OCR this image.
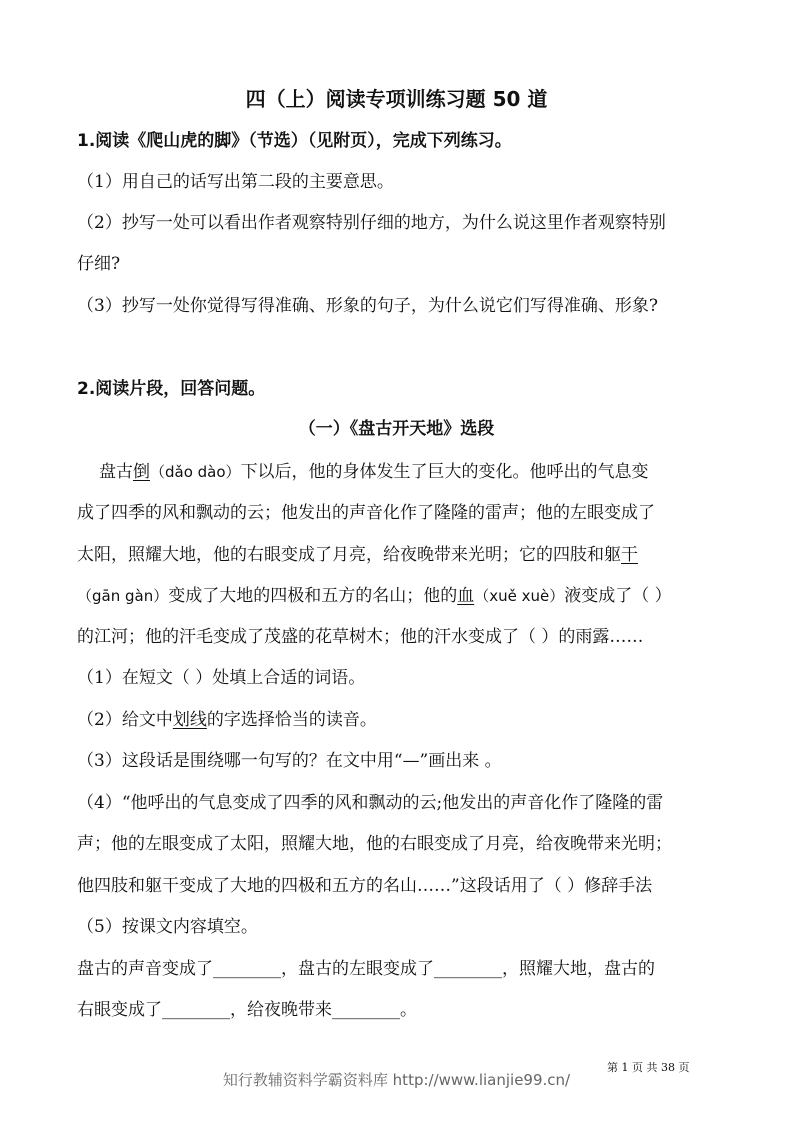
四（上）阅读专项训练习题 50 道
1.阅读《爬山虎的脚》（节选）（见附页），完成下列练习。
（1）用自己的话写出第二段的主要意思。
（2）抄写一处可以看出作者观察特别仔细的地方，为什么说这里作者观察特别
仔细?
（3）抄写一处你觉得写得准确、形象的句子，为什么说它们写得准确、形象?
2.阅读片段，回答问题。
（一）《盘古开天地》选段
盘古倒（dǎo dào）下以后，他的身体发生了巨大的变化。他呼出的气息变
成了四季的风和飘动的云；他发出的声音化作了隆隆的雷声；他的左眼变成了
太阳，照耀大地，他的右眼变成了月亮，给夜晚带来光明；它的四肢和躯干
（gān gàn）变成了大地的四极和五方的名山；他的血（xuě xuè）液变成了（ ）
的江河；他的汗毛变成了茂盛的花草树木；他的汗水变成了（ ）的雨露……
（1）在短文（ ）处填上合适的词语。
（2）给文中划线的字选择恰当的读音。
（3）这段话是围绕哪一句写的？在文中用“—”画出来 。
（4）“他呼出的气息变成了四季的风和飘动的云;他发出的声音化作了隆隆的雷
声；他的左眼变成了太阳，照耀大地，他的右眼变成了月亮，给夜晚带来光明；
他四肢和躯干变成了大地的四极和五方的名山……”这段话用了（ ）修辞手法
（5）按课文内容填空。
盘古的声音变成了________，盘古的左眼变成了________，照耀大地，盘古的
右眼变成了________，给夜晚带来________。
第 1 页 共 38 页
知行教辅资料学霸资料库 http://www.lianjie99.cn/
